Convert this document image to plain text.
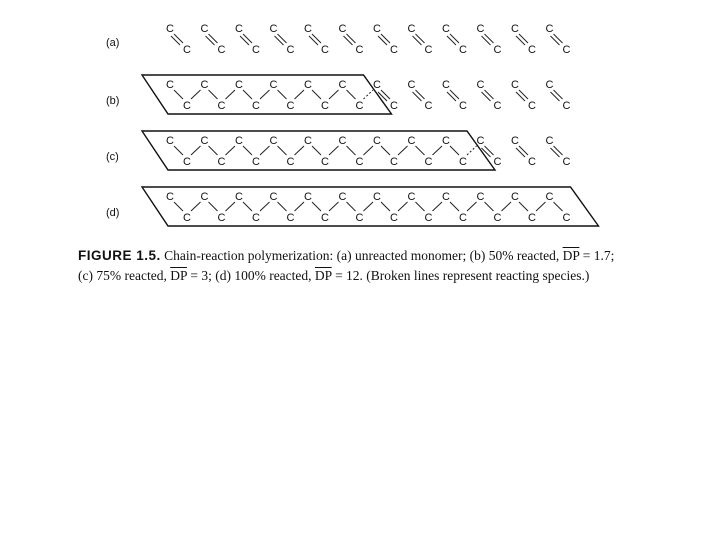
(a)
C
C
C
C
C
C
C
C
C
C
C
C
C
C
C
C
C
C
C
C
C
C
C
C
(b)
C
C
C
C
C
C
C
C
C
C
C
C
C
C
C
C
C
C
C
C
C
C
C
C
(c)
C
C
C
C
C
C
C
C
C
C
C
C
C
C
C
C
C
C
C
C
C
C
C
C
(d)
C
C
C
C
C
C
C
C
C
C
C
C
C
C
C
C
C
C
C
C
C
C
C
C
FIGURE 1.5. Chain-reaction polymerization: (a) unreacted monomer; (b) 50% reacted, $\overline{DP} = 1.7$;
(c) 75% reacted, $\overline{DP} = 3$; (d) 100% reacted, $\overline{DP} = 12$. (Broken lines represent reacting species.)
